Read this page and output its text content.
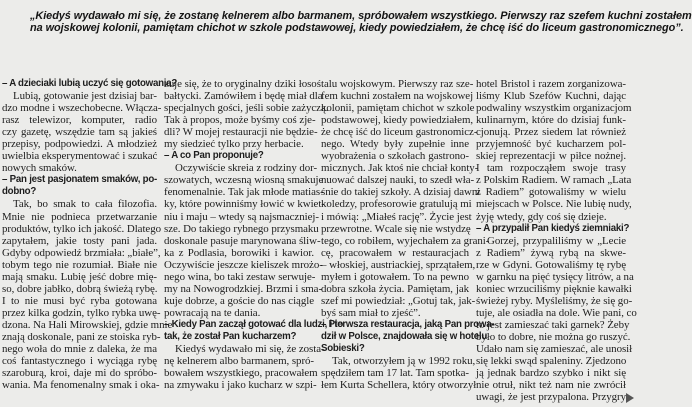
„Kiedyś wydawało mi się, że zostanę kelnerem albo barmanem, spróbowałem wszystkiego. Pierwszy raz szefem kuchni zostałem
na wojskowej kolonii, pamiętam chichot w szkole podstawowej, kiedy powiedziałem, że chcę iść do liceum gastronomicznego”.
– A dzieciaki lubią uczyć się gotowania?
Lubią, gotowanie jest dzisiaj bar-
dzo modne i wszechobecne. Włącza-
rasz telewizor, komputer, radio
czy gazetę, wszędzie tam są jakieś
przepisy, podpowiedzi. A młodzież
uwielbia eksperymentować i szukać
nowych smaków.
– Pan jest pasjonatem smaków, po-
dobno?
Tak, bo smak to cała filozofia.
Mnie nie podnieca przetwarzanie
produktów, tylko ich jakość. Dlatego
zapytałem, jakie tosty pani jada.
Gdyby odpowiedź brzmiała: „białe”,
tobym tego nie rozumiał. Białe nie
mają smaku. Lubię jeść dobre mię-
so, dobre jabłko, dobrą świeżą rybę.
I to nie musi być ryba gotowana
przez kilka godzin, tylko rybka uwę-
dzona. Na Hali Mirowskiej, gdzie mnie
znają doskonale, pani ze stoiska ryb-
nego woła do mnie z daleka, że ma
coś fantastycznego i wyciąga rybę
szaroburą, kroi, daje mi do spróbo-
wania. Ma fenomenalny smak i oka-
zuje się, że to oryginalny dziki łosoś
bałtycki. Zamówiłem i będę miał dla
specjalnych gości, jeśli sobie zażyczą.
Tak à propos, może byśmy coś zje-
dli? W mojej restauracji nie będzie-
my siedzieć tylko przy herbacie.
– A co Pan proponuje?
Oczywiście skreia z rodziny dor-
szowatych, wczesną wiosną smakuje
fenomenalnie. Tak jak młode matias-
ky, które powinniśmy łowić w kwiet-
niu i maju – wtedy są najsmaczniej-
sze. Do takiego rybnego przysmaku
doskonale pasuje marynowana śliw-
ka z Podlasia, borowiki i kawior.
Oczywiście jeszcze kieliszek mrożo-
nego wina, bo taki zestaw serwuje-
my na Nowogrodzkiej. Brzmi i sma-
kuje dobrze, a goście do nas ciągle
powracają na te dania.
– Kiedy Pan zaczął gotować dla ludzi, i to
tak, że został Pan kucharzem?
Kiedyś wydawało mi się, że zosta-
nę kelnerem albo barmanem, spró-
bowałem wszystkiego, pracowałem
na zmywaku i jako kucharz w szpi-
talu wojskowym. Pierwszy raz sze-
fem kuchni zostałem na wojskowej
kolonii, pamiętam chichot w szkole
podstawowej, kiedy powiedziałem,
że chcę iść do liceum gastronomicz-
nego. Wtedy były zupełnie inne
wyobrażenia o szkołach gastrono-
micznych. Jak ktoś nie chciał konty-
nuować dalszej nauki, to szedł wła-
śnie do takiej szkoły. A dzisiaj dawni
koledzy, profesorowie gratulują mi
i mówią: „Miałeś rację”. Życie jest
przewrotne. Wcale się nie wstydzę
tego, co robiłem, wyjechałem za grani-
cę, pracowałem w restauracjach
– włoskiej, austriackiej, sprzątałem,
myłem i gotowałem. To na pewno
dobra szkoła życia. Pamiętam, jak
szef mi powiedział: „Gotuj tak, jak-
byś sam miał to zjeść”.
– Pierwsza restauracja, jaką Pan prowa-
dził w Polsce, znajdowała się w hotelu
Sobieski?
Tak, otworzyłem ją w 1992 roku,
spędziłem tam 17 lat. Tam spotka-
łem Kurta Schellera, który otworzył
hotel Bristol i razem zorganizowa-
liśmy Klub Szefów Kuchni, dając
podwaliny wszystkim organizacjom
kulinarnym, które do dzisiaj funk-
cjonują. Przez siedem lat również
przyjemność być kucharzem pol-
skiej reprezentacji w piłce nożnej.
I tam rozpocząłem swoje trasy
z Polskim Radiem. W ramach „Lata
z Radiem” gotowaliśmy w wielu
miejscach w Polsce. Nie lubię nudy,
żyję wtedy, gdy coś się dzieje.
– A przypalił Pan kiedyś ziemniaki?
Gorzej, przypaliliśmy w „Lecie
z Radiem” żywą rybą na skwe-
rze w Gdyni. Gotowaliśmy tę rybę
w garnku na pięć tysięcy litrów, a na
koniec wrzuciliśmy pięknie kawałki
świeżej ryby. Myśleliśmy, że się go-
tuje, ale osiadła na dole. Wie pani, co
to jest zamieszać taki garnek? Żeby
było to dobre, nie można go ruszyć.
Udało nam się zamieszać, ale unosił
się lekki swąd spaleniny. Zjedzono
ją jednak bardzo szybko i nikt się
nie otruł, nikt też nam nie zwrócił
uwagi, że jest przypalona. Przygry
